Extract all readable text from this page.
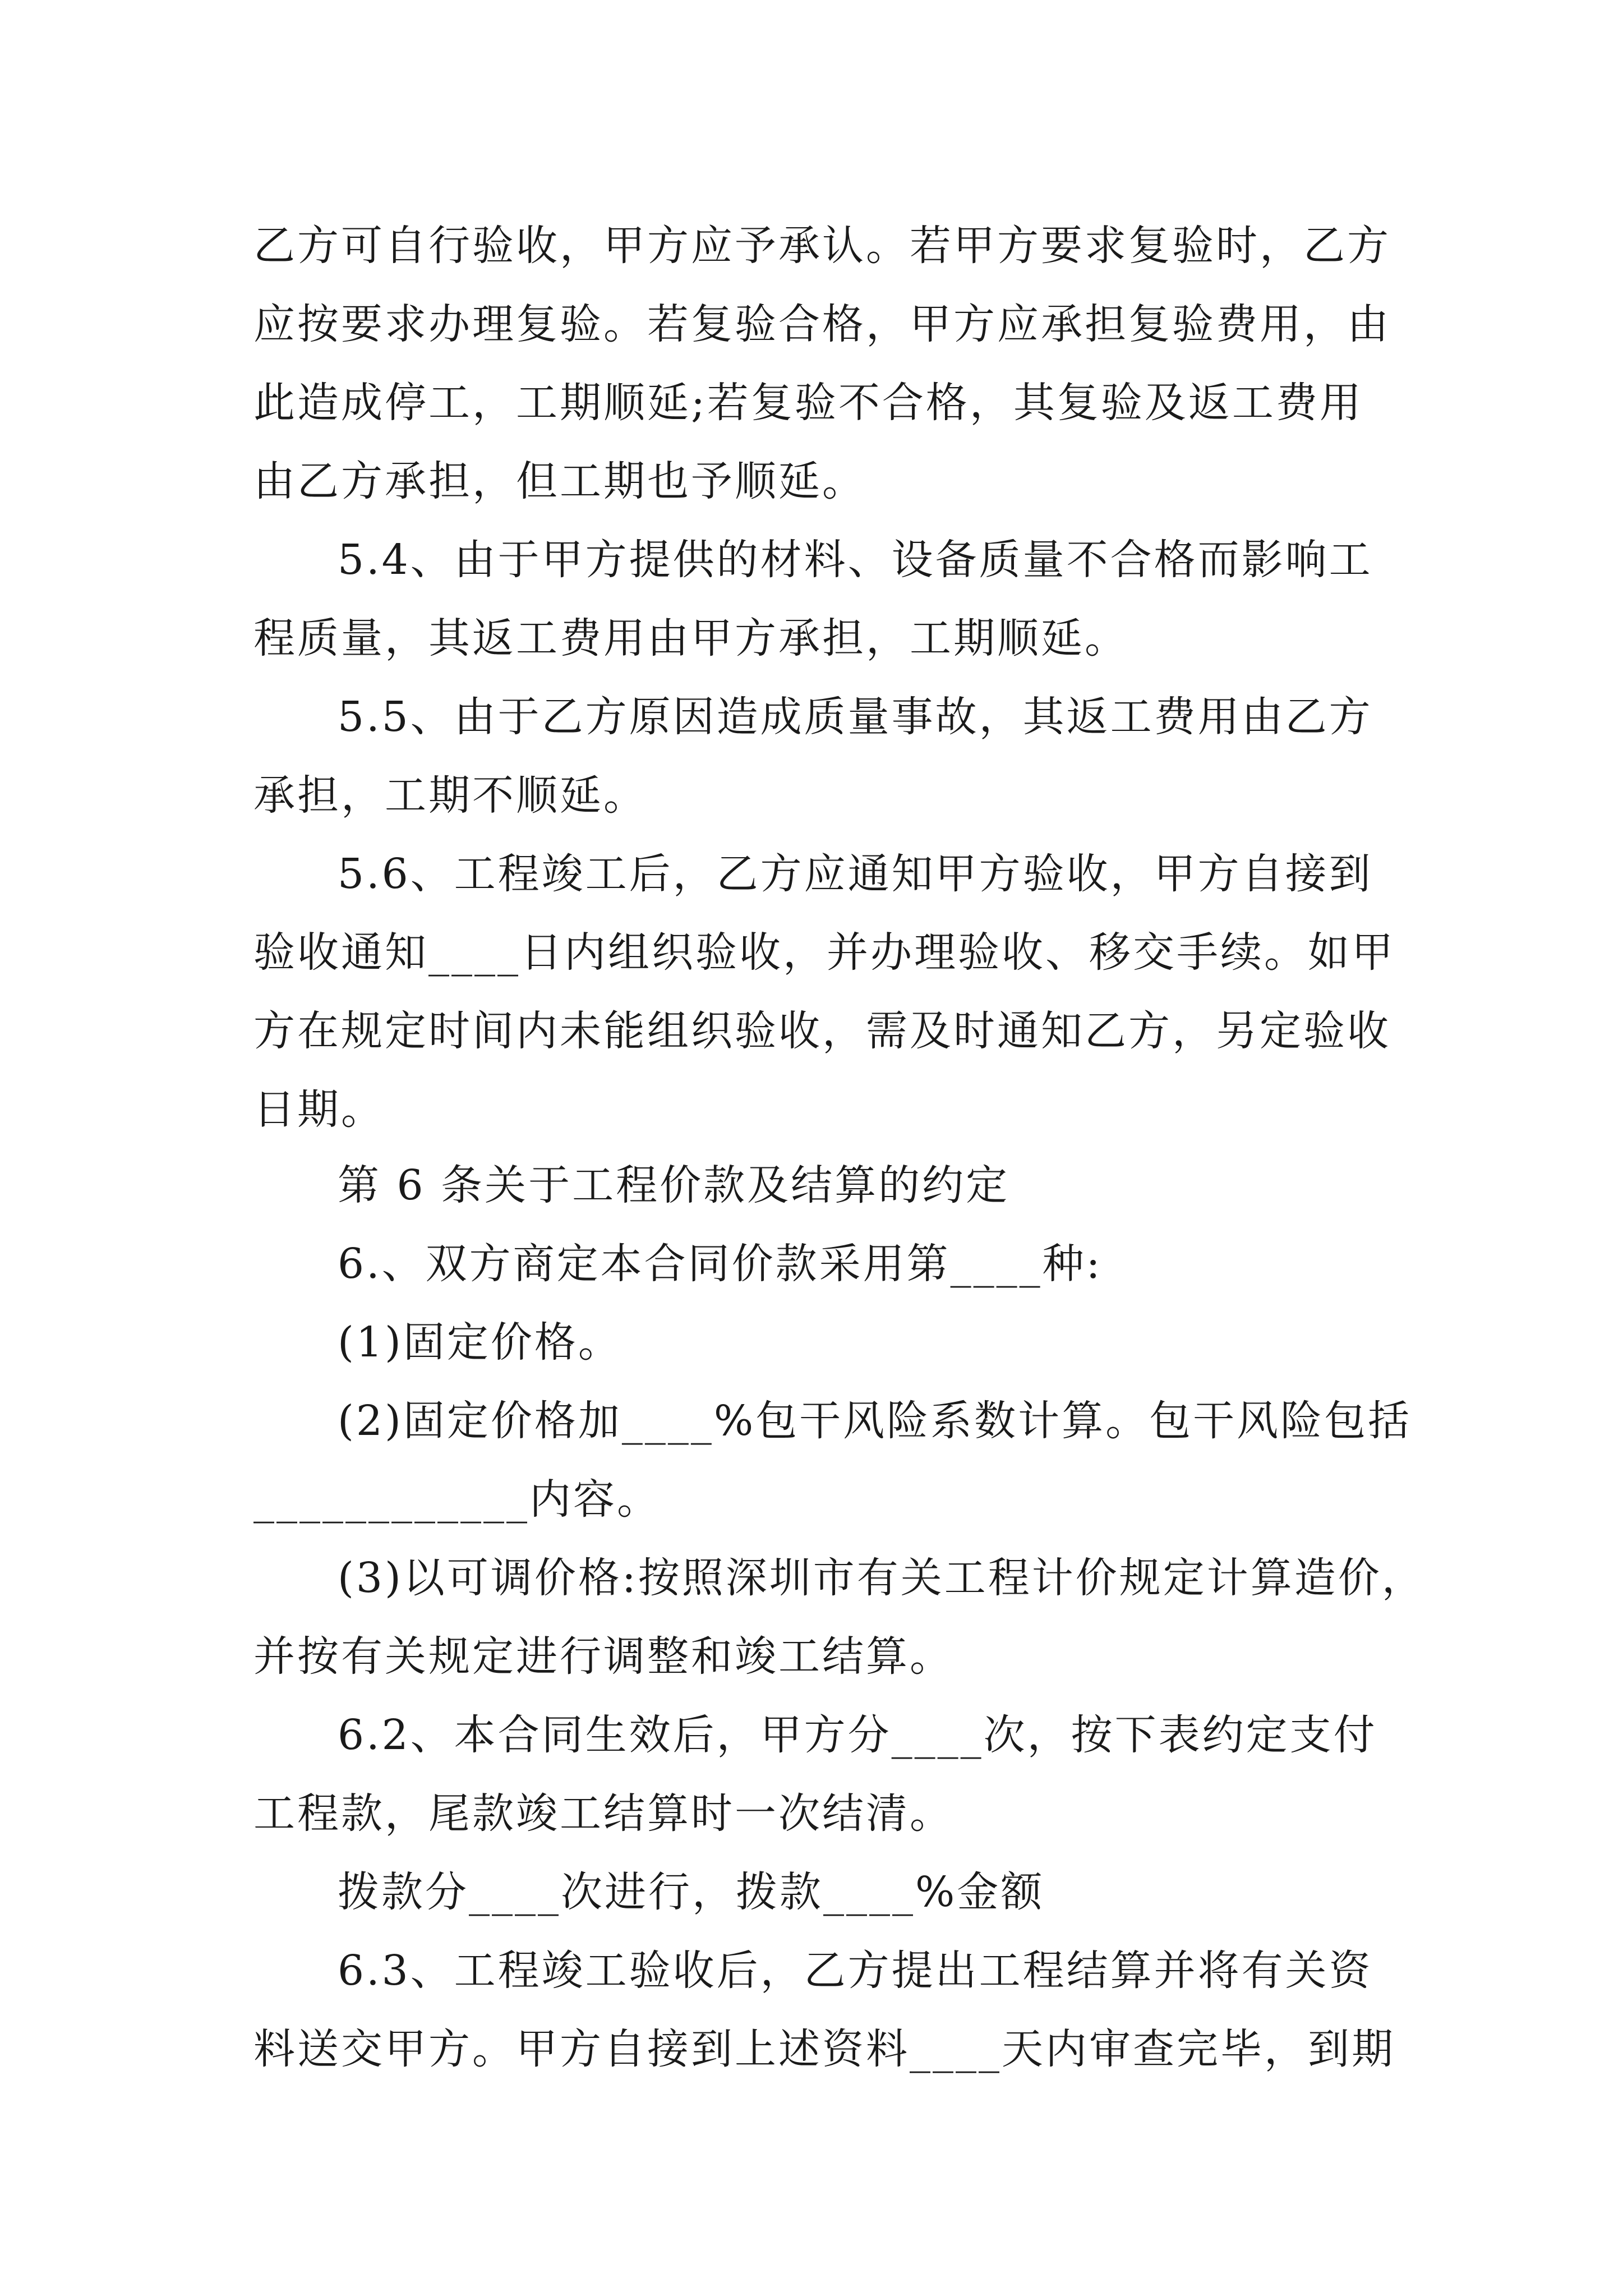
乙方可自行验收，甲方应予承认。若甲方要求复验时，乙方
应按要求办理复验。若复验合格，甲方应承担复验费用，由
此造成停工，工期顺延;若复验不合格，其复验及返工费用
由乙方承担，但工期也予顺延。
5.4、由于甲方提供的材料、设备质量不合格而影响工
程质量，其返工费用由甲方承担，工期顺延。
5.5、由于乙方原因造成质量事故，其返工费用由乙方
承担，工期不顺延。
5.6、工程竣工后，乙方应通知甲方验收，甲方自接到
验收通知____日内组织验收，并办理验收、移交手续。如甲
方在规定时间内未能组织验收，需及时通知乙方，另定验收
日期。
第 6 条关于工程价款及结算的约定
6.、双方商定本合同价款采用第____种:
(1)固定价格。
(2)固定价格加____%包干风险系数计算。包干风险包括
____________内容。
(3)以可调价格:按照深圳市有关工程计价规定计算造价，
并按有关规定进行调整和竣工结算。
6.2、本合同生效后，甲方分____次，按下表约定支付
工程款，尾款竣工结算时一次结清。
拨款分____次进行，拨款____%金额
6.3、工程竣工验收后，乙方提出工程结算并将有关资
料送交甲方。甲方自接到上述资料____天内审查完毕，到期
